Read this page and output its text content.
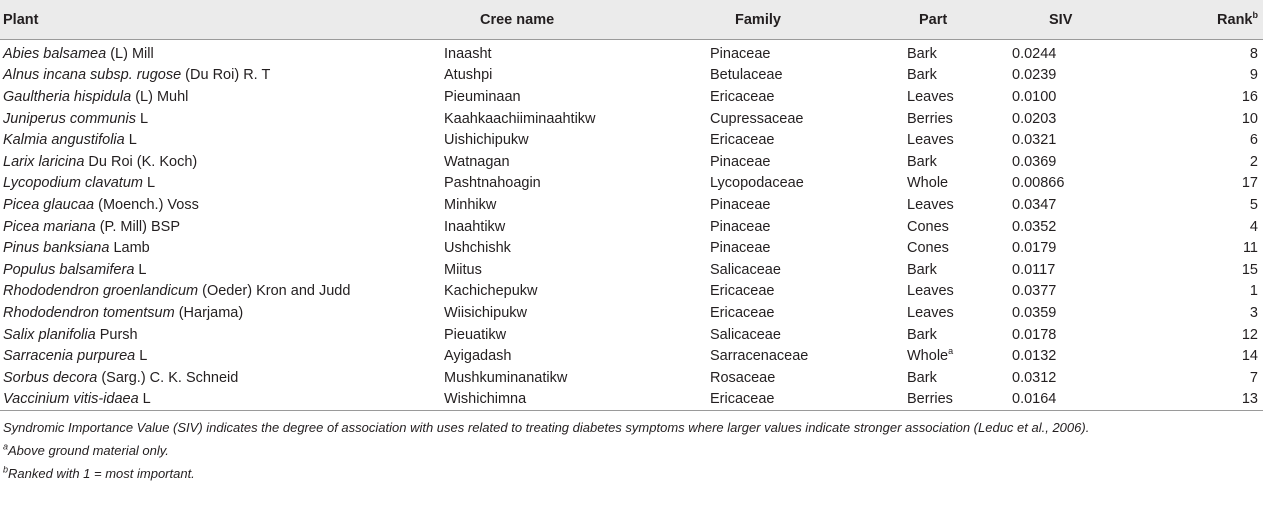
Plant	Cree name	Family	Part	SIV	Rank$^b$
Abies balsamea (L) Mill	Inaasht	Pinaceae	Bark	0.0244	8
Alnus incana subsp. rugose (Du Roi) R. T	Atushpi	Betulaceae	Bark	0.0239	9
Gaultheria hispidula (L) Muhl	Pieuminaan	Ericaceae	Leaves	0.0100	16
Juniperus communis L	Kaahkaachiiminaahtikw	Cupressaceae	Berries	0.0203	10
Kalmia angustifolia L	Uishichipukw	Ericaceae	Leaves	0.0321	6
Larix laricina Du Roi (K. Koch)	Watnagan	Pinaceae	Bark	0.0369	2
Lycopodium clavatum L	Pashtnahoagin	Lycopodaceae	Whole	0.00866	17
Picea glaucaa (Moench.) Voss	Minhikw	Pinaceae	Leaves	0.0347	5
Picea mariana (P. Mill) BSP	Inaahtikw	Pinaceae	Cones	0.0352	4
Pinus banksiana Lamb	Ushchishk	Pinaceae	Cones	0.0179	11
Populus balsamifera L	Miitus	Salicaceae	Bark	0.0117	15
Rhododendron groenlandicum (Oeder) Kron and Judd	Kachichepukw	Ericaceae	Leaves	0.0377	1
Rhododendron tomentsum (Harjama)	Wiisichipukw	Ericaceae	Leaves	0.0359	3
Salix planifolia Pursh	Pieuatikw	Salicaceae	Bark	0.0178	12
Sarracenia purpurea L	Ayigadash	Sarracenaceae	Whole$^a$	0.0132	14
Sorbus decora (Sarg.) C. K. Schneid	Mushkuminanatikw	Rosaceae	Bark	0.0312	7
Vaccinium vitis-idaea L	Wishichimna	Ericaceae	Berries	0.0164	13

Syndromic Importance Value (SIV) indicates the degree of association with uses related to treating diabetes symptoms where larger values indicate stronger association (Leduc et al., 2006).

$^a$Above ground material only.

$^b$Ranked with 1 = most important.
